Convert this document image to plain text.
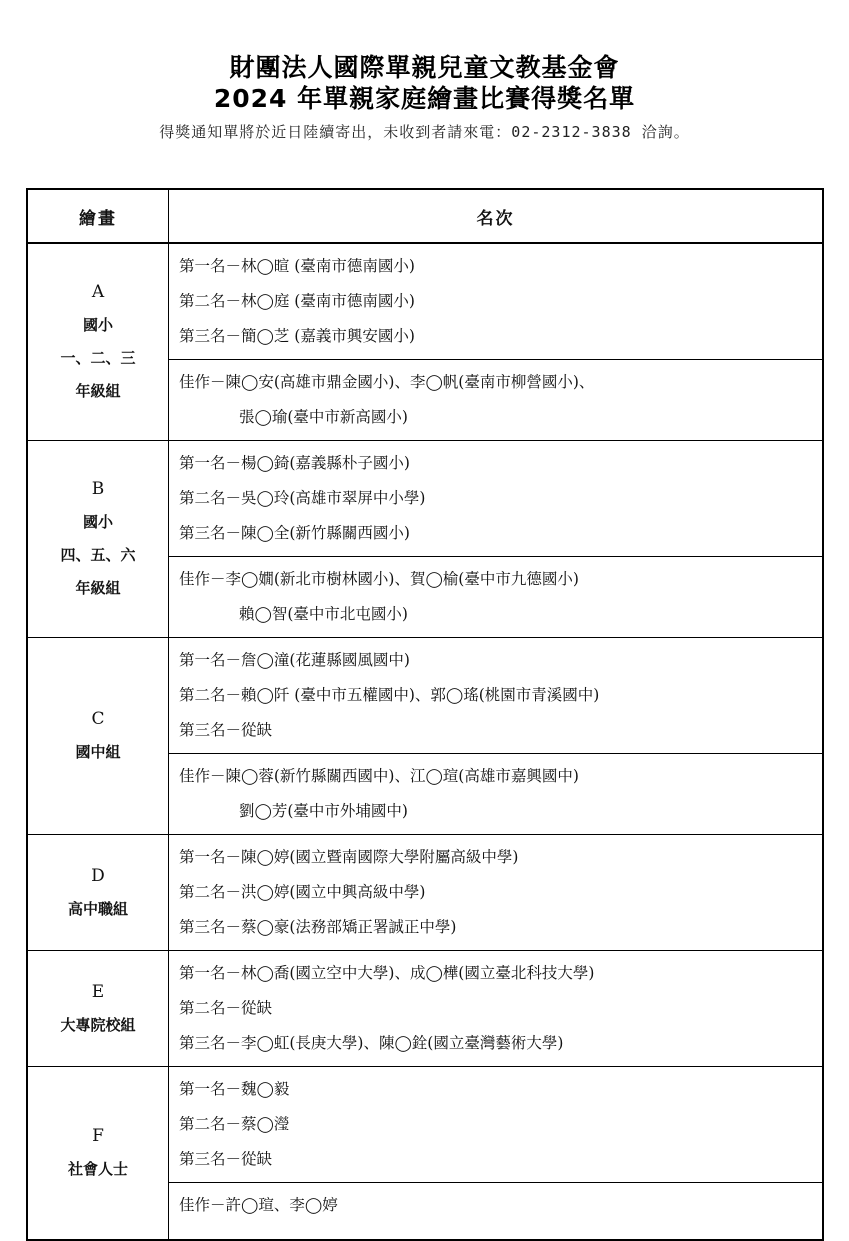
財團法人國際單親兒童文教基金會
2024 年單親家庭繪畫比賽得獎名單
得獎通知單將於近日陸續寄出，未收到者請來電：02-2312-3838 洽詢。
繪畫	名次

A
國小
一、二、三
年級組	第一名－林◯暄 (臺南市德南國小)
第二名－林◯庭 (臺南市德南國小)
第三名－簡◯芝 (嘉義市興安國小)

	佳作－陳◯安(高雄市鼎金國小)、李◯帆(臺南市柳營國小)、
張◯瑜(臺中市新高國小)

B
國小
四、五、六
年級組	第一名－楊◯錡(嘉義縣朴子國小)
第二名－吳◯玲(高雄市翠屏中小學)
第三名－陳◯全(新竹縣關西國小)

	佳作－李◯嫺(新北市樹林國小)、賀◯榆(臺中市九德國小)
賴◯智(臺中市北屯國小)

C
國中組	第一名－詹◯潼(花蓮縣國風國中)
第二名－賴◯阡 (臺中市五權國中)、郭◯瑤(桃園市青溪國中)
第三名－從缺

	佳作－陳◯蓉(新竹縣關西國中)、江◯瑄(高雄市嘉興國中)
劉◯芳(臺中市外埔國中)

D
高中職組	第一名－陳◯婷(國立暨南國際大學附屬高級中學)
第二名－洪◯婷(國立中興高級中學)
第三名－蔡◯豪(法務部矯正署誠正中學)

E
大專院校組	第一名－林◯喬(國立空中大學)、成◯樺(國立臺北科技大學)
第二名－從缺
第三名－李◯虹(長庚大學)、陳◯銓(國立臺灣藝術大學)

F
社會人士	第一名－魏◯毅
第二名－蔡◯瀅
第三名－從缺

	佳作－許◯瑄、李◯婷
